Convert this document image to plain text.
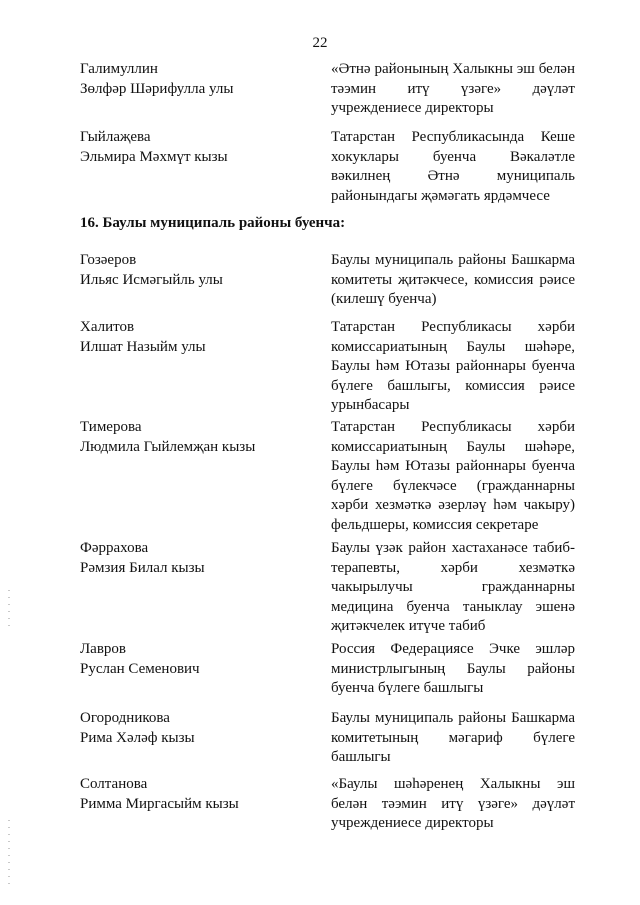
22
Галимуллин
Зөлфәр Шәрифулла улы
«Әтнә районының Халыкны эш белән
тәэмин итү үзәге» дәүләт
учреждениесе директоры
Гыйлаҗева
Эльмира Мәхмүт кызы
Татарстан Республикасында Кеше
хокуклары буенча Вәкаләтле
вәкилнең Әтнә муниципаль
районындагы җәмәгать ярдәмчесе
16. Баулы муниципаль районы буенча:
Гозәеров
Ильяс Исмәгыйль улы
Баулы муниципаль районы Башкарма
комитеты җитәкчесе, комиссия рәисе
(килешү буенча)
Халитов
Илшат Назыйм улы
Татарстан Республикасы хәрби
комиссариатының Баулы шәһәре,
Баулы һәм Ютазы районнары буенча
бүлеге башлыгы, комиссия рәисе
урынбасары
Тимерова
Людмила Гыйлемҗан кызы
Татарстан Республикасы хәрби
комиссариатының Баулы шәһәре,
Баулы һәм Ютазы районнары буенча
бүлеге бүлекчәсе (гражданнарны
хәрби хезмәткә әзерләү һәм чакыру)
фельдшеры, комиссия секретаре
Фәррахова
Рәмзия Билал кызы
Баулы үзәк район хастаханәсе табиб-
терапевты, хәрби хезмәткә
чакырылучы гражданнарны
медицина буенча таныклау эшенә
җитәкчелек итүче табиб
Лавров
Руслан Семенович
Россия Федерациясе Эчке эшләр
министрлыгының Баулы районы
буенча бүлеге башлыгы
Огородникова
Рима Хәләф кызы
Баулы муниципаль районы Башкарма
комитетының мәгариф бүлеге
башлыгы
Солтанова
Римма Миргасыйм кызы
«Баулы шәһәренең Халыкны эш
белән тәэмин итү үзәге» дәүләт
учреждениесе директоры
